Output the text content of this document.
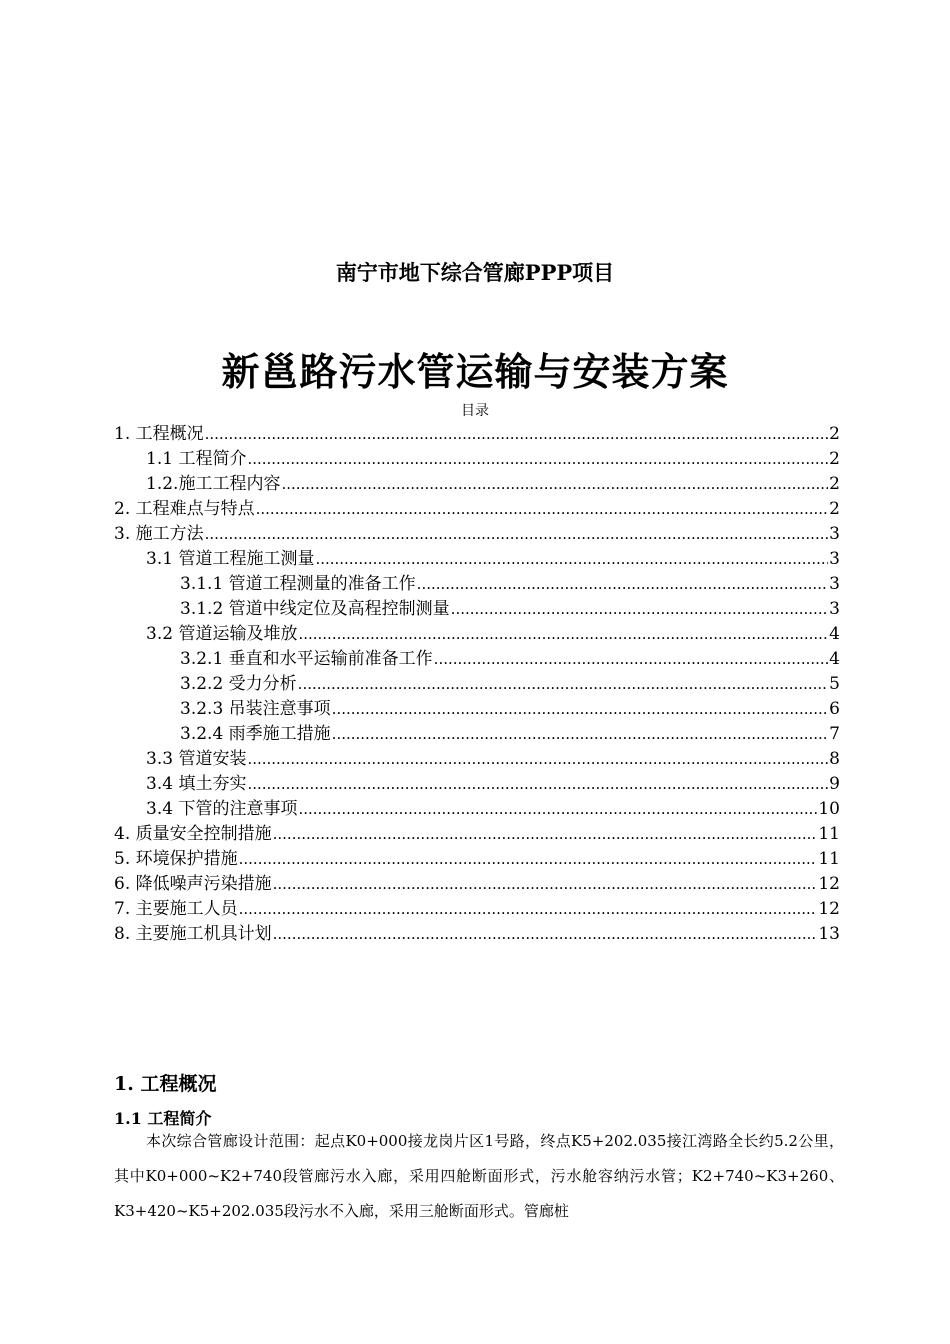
南宁市地下综合管廊PPP项目
新邕路污水管运输与安装方案
目录
1. 工程概况 .....	2
1.1 工程简介 .....	2
1.2.施工工程内容 .....	2
2. 工程难点与特点 .....	2
3. 施工方法 .....	3
3.1 管道工程施工测量 .....	3
3.1.1 管道工程测量的准备工作 .....	3
3.1.2 管道中线定位及高程控制测量 .....	3
3.2 管道运输及堆放 .....	4
3.2.1 垂直和水平运输前准备工作 .....	4
3.2.2 受力分析 .....	5
3.2.3 吊装注意事项 .....	6
3.2.4 雨季施工措施 .....	7
3.3 管道安装 .....	8
3.4 填土夯实 .....	9
3.4 下管的注意事项 .....	10
4. 质量安全控制措施 .....	11
5. 环境保护措施 .....	11
6. 降低噪声污染措施 .....	12
7. 主要施工人员 .....	12
8. 主要施工机具计划 .....	13
1. 工程概况
1.1 工程简介
本次综合管廊设计范围：起点K0+000接龙岗片区1号路，终点K5+202.035接江湾路全长约5.2公里，其中K0+000~K2+740段管廊污水入廊，采用四舱断面形式，污水舱容纳污水管；K2+740~K3+260、K3+420~K5+202.035段污水不入廊，采用三舱断面形式。管廊桩
